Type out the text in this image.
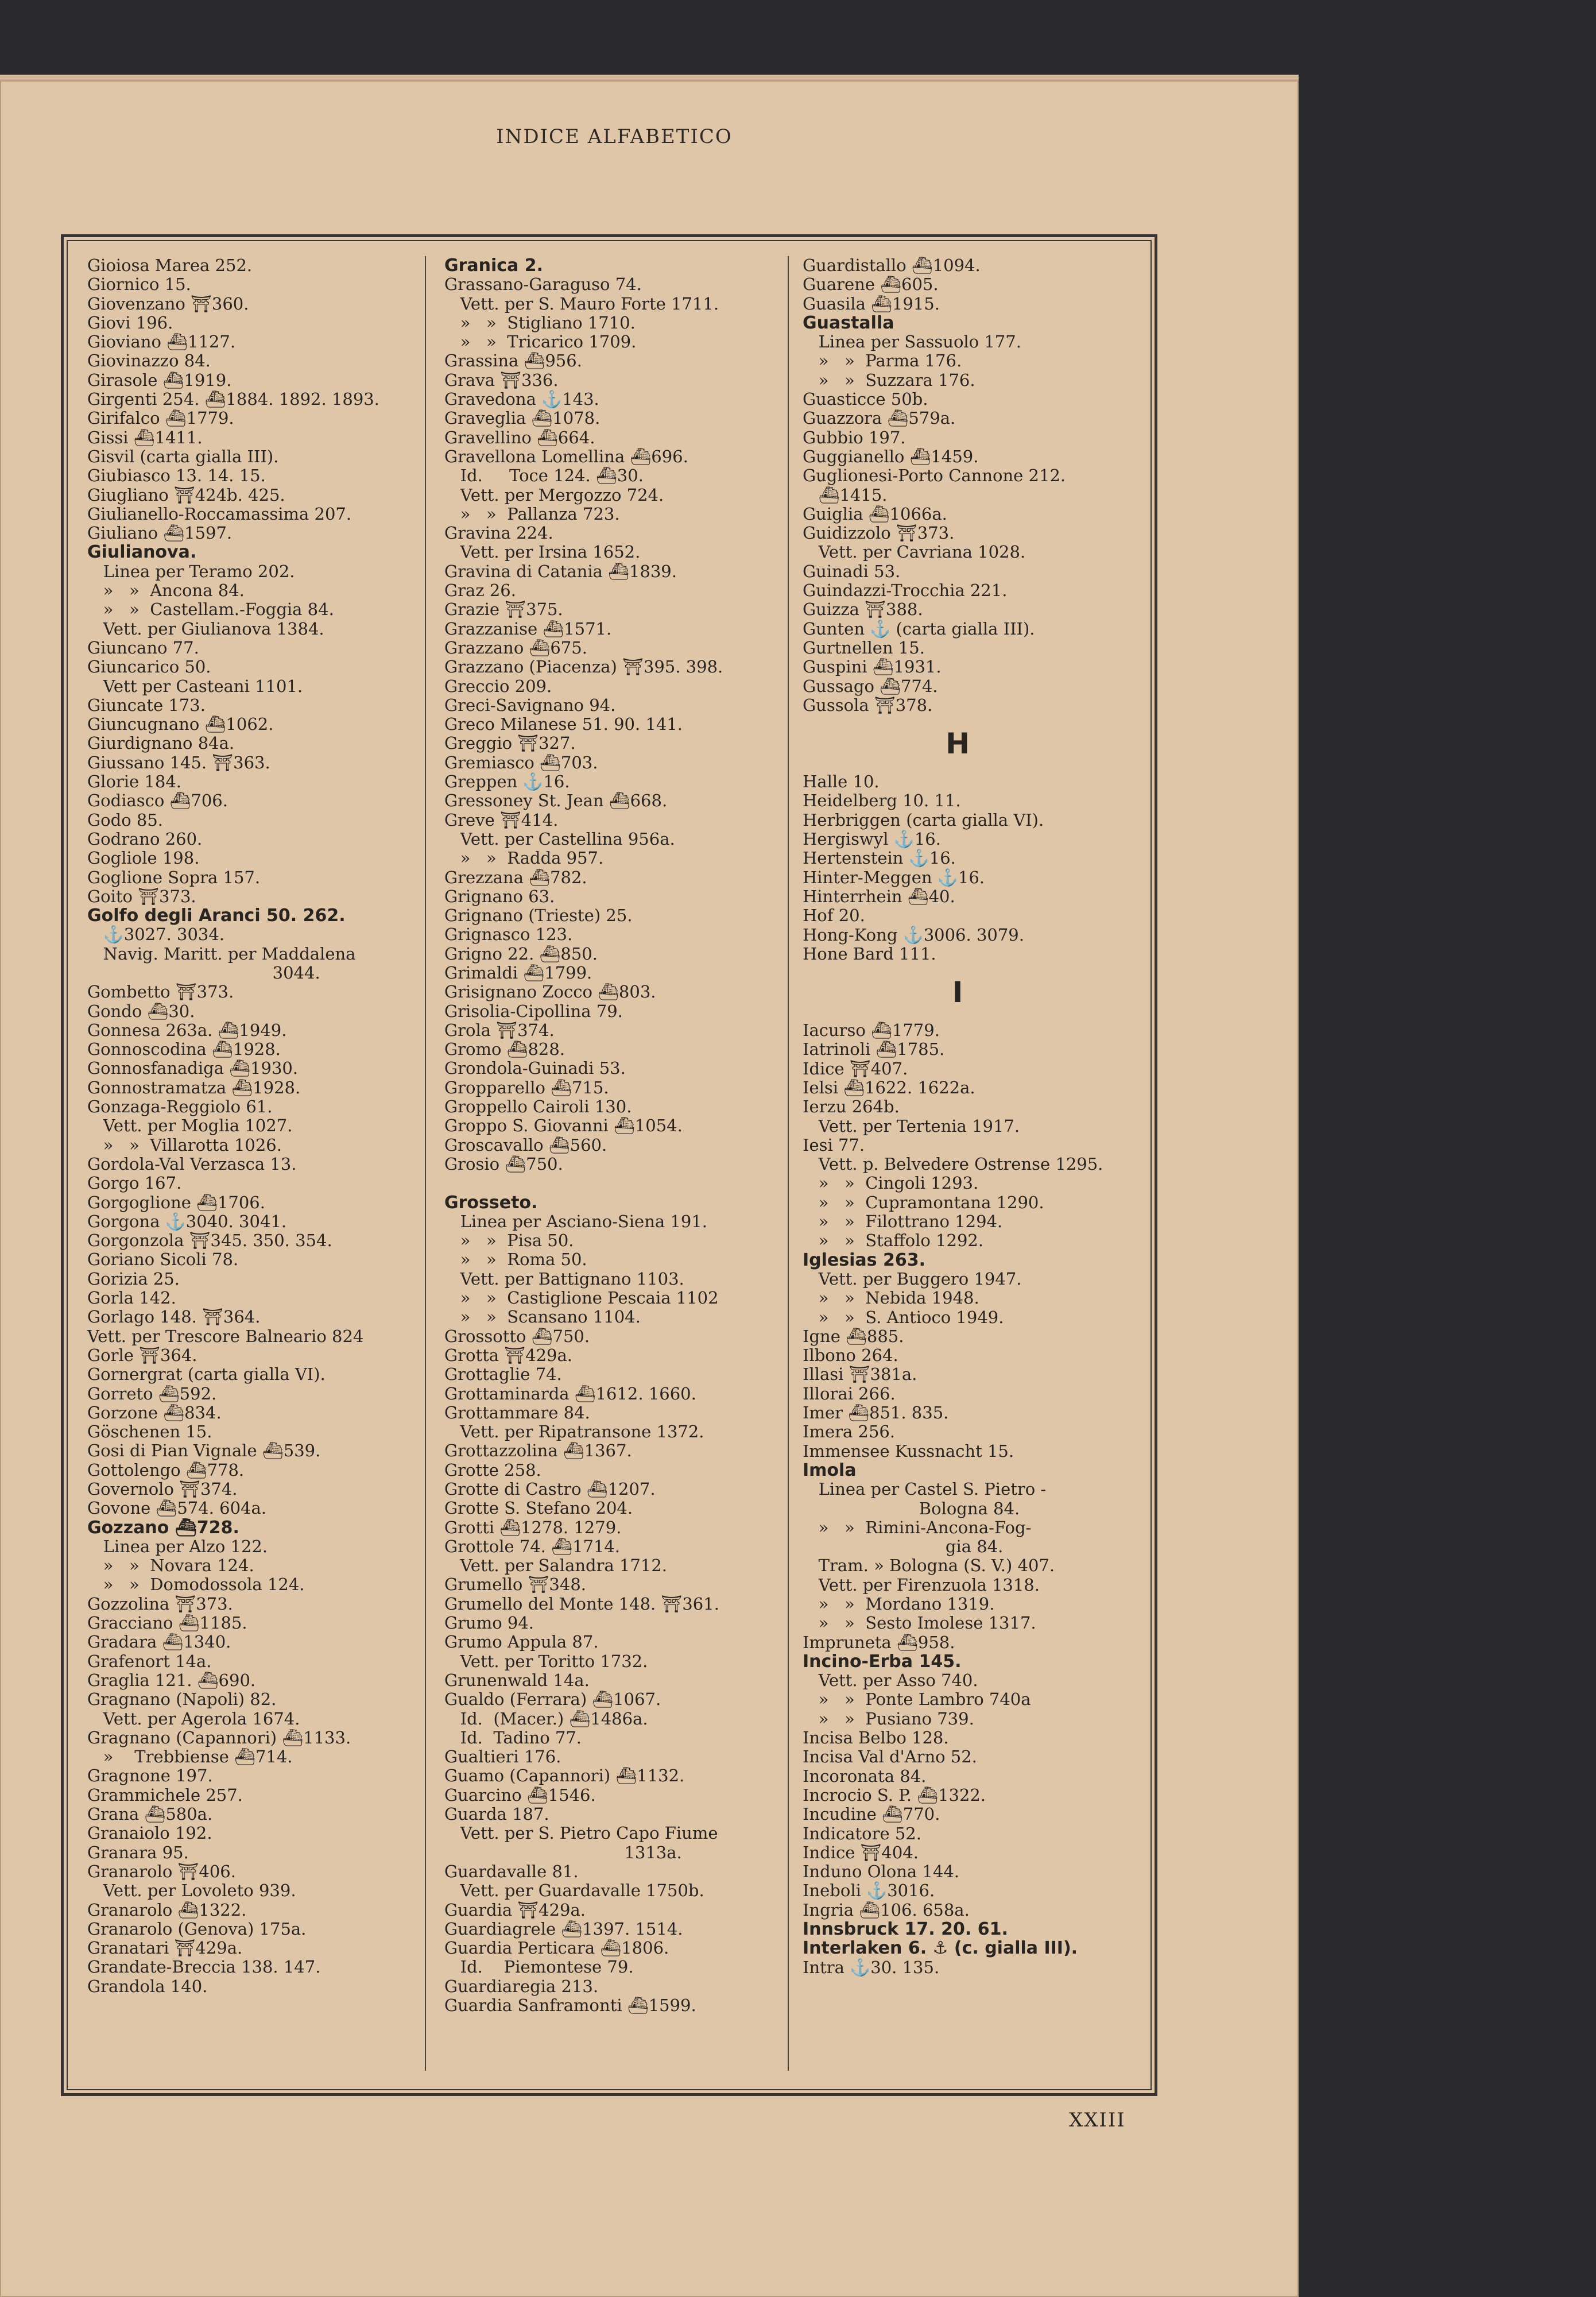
INDICE ALFABETICO
Gioiosa Marea 252.
Giornico 15.
Giovenzano ⛩360.
Giovi 196.
Gioviano ⛴1127.
Giovinazzo 84.
Girasole ⛴1919.
Girgenti 254. ⛴1884. 1892. 1893.
Girifalco ⛴1779.
Gissi ⛴1411.
Gisvil (carta gialla III).
Giubiasco 13. 14. 15.
Giugliano ⛩424b. 425.
Giulianello-Roccamassima 207.
Giuliano ⛴1597.
Giulianova.
Linea per Teramo 202.
»   »  Ancona 84.
»   »  Castellam.-Foggia 84.
Vett. per Giulianova 1384.
Giuncano 77.
Giuncarico 50.
Vett per Casteani 1101.
Giuncate 173.
Giuncugnano ⛴1062.
Giurdignano 84a.
Giussano 145. ⛩363.
Glorie 184.
Godiasco ⛴706.
Godo 85.
Godrano 260.
Gogliole 198.
Goglione Sopra 157.
Goito ⛩373.
Golfo degli Aranci 50. 262.
⚓3027. 3034.
Navig. Maritt. per Maddalena
3044.
Gombetto ⛩373.
Gondo ⛴30.
Gonnesa 263a. ⛴1949.
Gonnoscodina ⛴1928.
Gonnosfanadiga ⛴1930.
Gonnostramatza ⛴1928.
Gonzaga-Reggiolo 61.
Vett. per Moglia 1027.
»   »  Villarotta 1026.
Gordola-Val Verzasca 13.
Gorgo 167.
Gorgoglione ⛴1706.
Gorgona ⚓3040. 3041.
Gorgonzola ⛩345. 350. 354.
Goriano Sicoli 78.
Gorizia 25.
Gorla 142.
Gorlago 148. ⛩364.
Vett. per Trescore Balneario 824
Gorle ⛩364.
Gornergrat (carta gialla VI).
Gorreto ⛴592.
Gorzone ⛴834.
Göschenen 15.
Gosi di Pian Vignale ⛴539.
Gottolengo ⛴778.
Governolo ⛩374.
Govone ⛴574. 604a.
Gozzano ⛴728.
Linea per Alzo 122.
»   »  Novara 124.
»   »  Domodossola 124.
Gozzolina ⛩373.
Gracciano ⛴1185.
Gradara ⛴1340.
Grafenort 14a.
Graglia 121. ⛴690.
Gragnano (Napoli) 82.
Vett. per Agerola 1674.
Gragnano (Capannori) ⛴1133.
»    Trebbiense ⛴714.
Gragnone 197.
Grammichele 257.
Grana ⛴580a.
Granaiolo 192.
Granara 95.
Granarolo ⛩406.
Vett. per Lovoleto 939.
Granarolo ⛴1322.
Granarolo (Genova) 175a.
Granatari ⛩429a.
Grandate-Breccia 138. 147.
Grandola 140.
Granica 2.
Grassano-Garaguso 74.
Vett. per S. Mauro Forte 1711.
»   »  Stigliano 1710.
»   »  Tricarico 1709.
Grassina ⛴956.
Grava ⛩336.
Gravedona ⚓143.
Graveglia ⛴1078.
Gravellino ⛴664.
Gravellona Lomellina ⛴696.
Id.     Toce 124. ⛴30.
Vett. per Mergozzo 724.
»   »  Pallanza 723.
Gravina 224.
Vett. per Irsina 1652.
Gravina di Catania ⛴1839.
Graz 26.
Grazie ⛩375.
Grazzanise ⛴1571.
Grazzano ⛴675.
Grazzano (Piacenza) ⛩395. 398.
Greccio 209.
Greci-Savignano 94.
Greco Milanese 51. 90. 141.
Greggio ⛩327.
Gremiasco ⛴703.
Greppen ⚓16.
Gressoney St. Jean ⛴668.
Greve ⛩414.
Vett. per Castellina 956a.
»   »  Radda 957.
Grezzana ⛴782.
Grignano 63.
Grignano (Trieste) 25.
Grignasco 123.
Grigno 22. ⛴850.
Grimaldi ⛴1799.
Grisignano Zocco ⛴803.
Grisolia-Cipollina 79.
Grola ⛩374.
Gromo ⛴828.
Grondola-Guinadi 53.
Gropparello ⛴715.
Groppello Cairoli 130.
Groppo S. Giovanni ⛴1054.
Groscavallo ⛴560.
Grosio ⛴750.
Grosseto.
Linea per Asciano-Siena 191.
»   »  Pisa 50.
»   »  Roma 50.
Vett. per Battignano 1103.
»   »  Castiglione Pescaia 1102
»   »  Scansano 1104.
Grossotto ⛴750.
Grotta ⛩429a.
Grottaglie 74.
Grottaminarda ⛴1612. 1660.
Grottammare 84.
Vett. per Ripatransone 1372.
Grottazzolina ⛴1367.
Grotte 258.
Grotte di Castro ⛴1207.
Grotte S. Stefano 204.
Grotti ⛴1278. 1279.
Grottole 74. ⛴1714.
Vett. per Salandra 1712.
Grumello ⛩348.
Grumello del Monte 148. ⛩361.
Grumo 94.
Grumo Appula 87.
Vett. per Toritto 1732.
Grunenwald 14a.
Gualdo (Ferrara) ⛴1067.
Id.  (Macer.) ⛴1486a.
Id.  Tadino 77.
Gualtieri 176.
Guamo (Capannori) ⛴1132.
Guarcino ⛴1546.
Guarda 187.
Vett. per S. Pietro Capo Fiume
1313a.
Guardavalle 81.
Vett. per Guardavalle 1750b.
Guardia ⛩429a.
Guardiagrele ⛴1397. 1514.
Guardia Perticara ⛴1806.
Id.    Piemontese 79.
Guardiaregia 213.
Guardia Sanframonti ⛴1599.
Guardistallo ⛴1094.
Guarene ⛴605.
Guasila ⛴1915.
Guastalla
Linea per Sassuolo 177.
»   »  Parma 176.
»   »  Suzzara 176.
Guasticce 50b.
Guazzora ⛴579a.
Gubbio 197.
Guggianello ⛴1459.
Guglionesi-Porto Cannone 212.
⛴1415.
Guiglia ⛴1066a.
Guidizzolo ⛩373.
Vett. per Cavriana 1028.
Guinadi 53.
Guindazzi-Trocchia 221.
Guizza ⛩388.
Gunten ⚓ (carta gialla III).
Gurtnellen 15.
Guspini ⛴1931.
Gussago ⛴774.
Gussola ⛩378.
H
Halle 10.
Heidelberg 10. 11.
Herbriggen (carta gialla VI).
Hergiswyl ⚓16.
Hertenstein ⚓16.
Hinter-Meggen ⚓16.
Hinterrhein ⛴40.
Hof 20.
Hong-Kong ⚓3006. 3079.
Hone Bard 111.
I
Iacurso ⛴1779.
Iatrinoli ⛴1785.
Idice ⛩407.
Ielsi ⛴1622. 1622a.
Ierzu 264b.
Vett. per Tertenia 1917.
Iesi 77.
Vett. p. Belvedere Ostrense 1295.
»   »  Cingoli 1293.
»   »  Cupramontana 1290.
»   »  Filottrano 1294.
»   »  Staffolo 1292.
Iglesias 263.
Vett. per Buggero 1947.
»   »  Nebida 1948.
»   »  S. Antioco 1949.
Igne ⛴885.
Ilbono 264.
Illasi ⛩381a.
Illorai 266.
Imer ⛴851. 835.
Imera 256.
Immensee Kussnacht 15.
Imola
Linea per Castel S. Pietro -
Bologna 84.
»   »  Rimini-Ancona-Fog-
gia 84.
Tram. » Bologna (S. V.) 407.
Vett. per Firenzuola 1318.
»   »  Mordano 1319.
»   »  Sesto Imolese 1317.
Impruneta ⛴958.
Incino-Erba 145.
Vett. per Asso 740.
»   »  Ponte Lambro 740a
»   »  Pusiano 739.
Incisa Belbo 128.
Incisa Val d'Arno 52.
Incoronata 84.
Incrocio S. P. ⛴1322.
Incudine ⛴770.
Indicatore 52.
Indice ⛩404.
Induno Olona 144.
Ineboli ⚓3016.
Ingria ⛴106. 658a.
Innsbruck 17. 20. 61.
Interlaken 6. ⚓ (c. gialla III).
Intra ⚓30. 135.
XXIII
